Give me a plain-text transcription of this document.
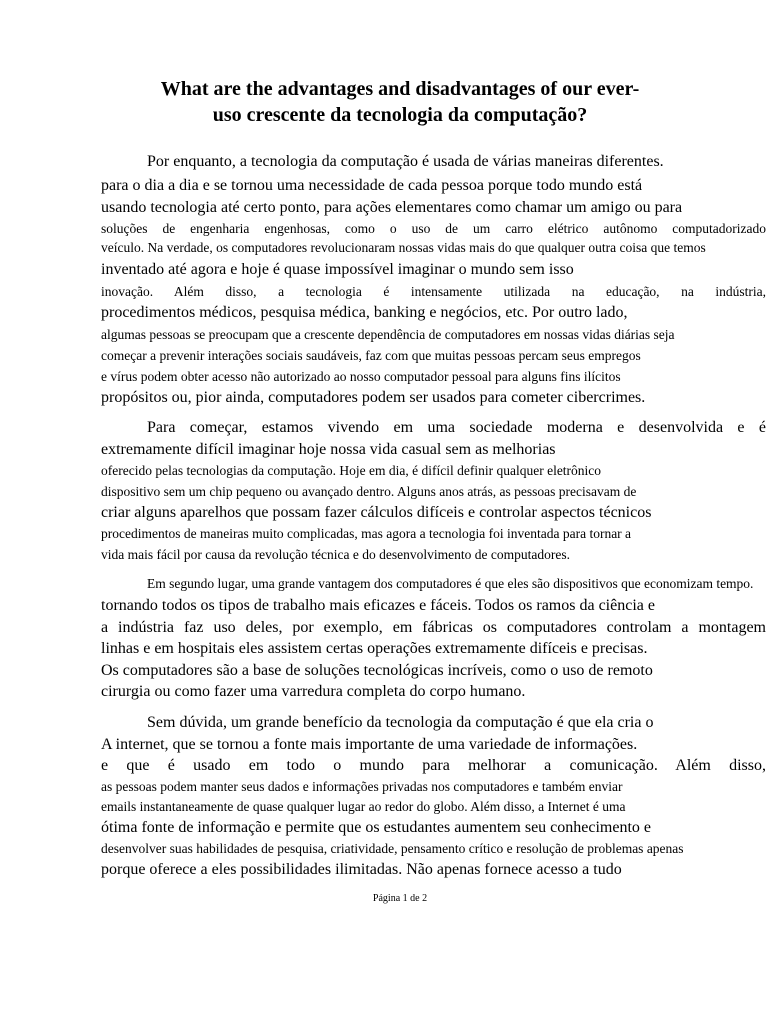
What are the advantages and disadvantages of our ever-
uso crescente da tecnologia da computação?

Por enquanto, a tecnologia da computação é usada de várias maneiras diferentes.

para o dia a dia e se tornou uma necessidade de cada pessoa porque todo mundo está

usando tecnologia até certo ponto, para ações elementares como chamar um amigo ou para

soluções de engenharia engenhosas, como o uso de um carro elétrico autônomo computadorizado

veículo. Na verdade, os computadores revolucionaram nossas vidas mais do que qualquer outra coisa que temos

inventado até agora e hoje é quase impossível imaginar o mundo sem isso

inovação. Além disso, a tecnologia é intensamente utilizada na educação, na indústria,

procedimentos médicos, pesquisa médica, banking e negócios, etc. Por outro lado,

algumas pessoas se preocupam que a crescente dependência de computadores em nossas vidas diárias seja

começar a prevenir interações sociais saudáveis, faz com que muitas pessoas percam seus empregos

e vírus podem obter acesso não autorizado ao nosso computador pessoal para alguns fins ilícitos

propósitos ou, pior ainda, computadores podem ser usados para cometer cibercrimes.

Para começar, estamos vivendo em uma sociedade moderna e desenvolvida e é

extremamente difícil imaginar hoje nossa vida casual sem as melhorias

oferecido pelas tecnologias da computação. Hoje em dia, é difícil definir qualquer eletrônico

dispositivo sem um chip pequeno ou avançado dentro. Alguns anos atrás, as pessoas precisavam de

criar alguns aparelhos que possam fazer cálculos difíceis e controlar aspectos técnicos

procedimentos de maneiras muito complicadas, mas agora a tecnologia foi inventada para tornar a

vida mais fácil por causa da revolução técnica e do desenvolvimento de computadores.

Em segundo lugar, uma grande vantagem dos computadores é que eles são dispositivos que economizam tempo.

tornando todos os tipos de trabalho mais eficazes e fáceis. Todos os ramos da ciência e

a indústria faz uso deles, por exemplo, em fábricas os computadores controlam a montagem

linhas e em hospitais eles assistem certas operações extremamente difíceis e precisas.

Os computadores são a base de soluções tecnológicas incríveis, como o uso de remoto

cirurgia ou como fazer uma varredura completa do corpo humano.

Sem dúvida, um grande benefício da tecnologia da computação é que ela cria o

A internet, que se tornou a fonte mais importante de uma variedade de informações.

e que é usado em todo o mundo para melhorar a comunicação. Além disso,

as pessoas podem manter seus dados e informações privadas nos computadores e também enviar

emails instantaneamente de quase qualquer lugar ao redor do globo. Além disso, a Internet é uma

ótima fonte de informação e permite que os estudantes aumentem seu conhecimento e

desenvolver suas habilidades de pesquisa, criatividade, pensamento crítico e resolução de problemas apenas

porque oferece a eles possibilidades ilimitadas. Não apenas fornece acesso a tudo

Página 1 de 2
